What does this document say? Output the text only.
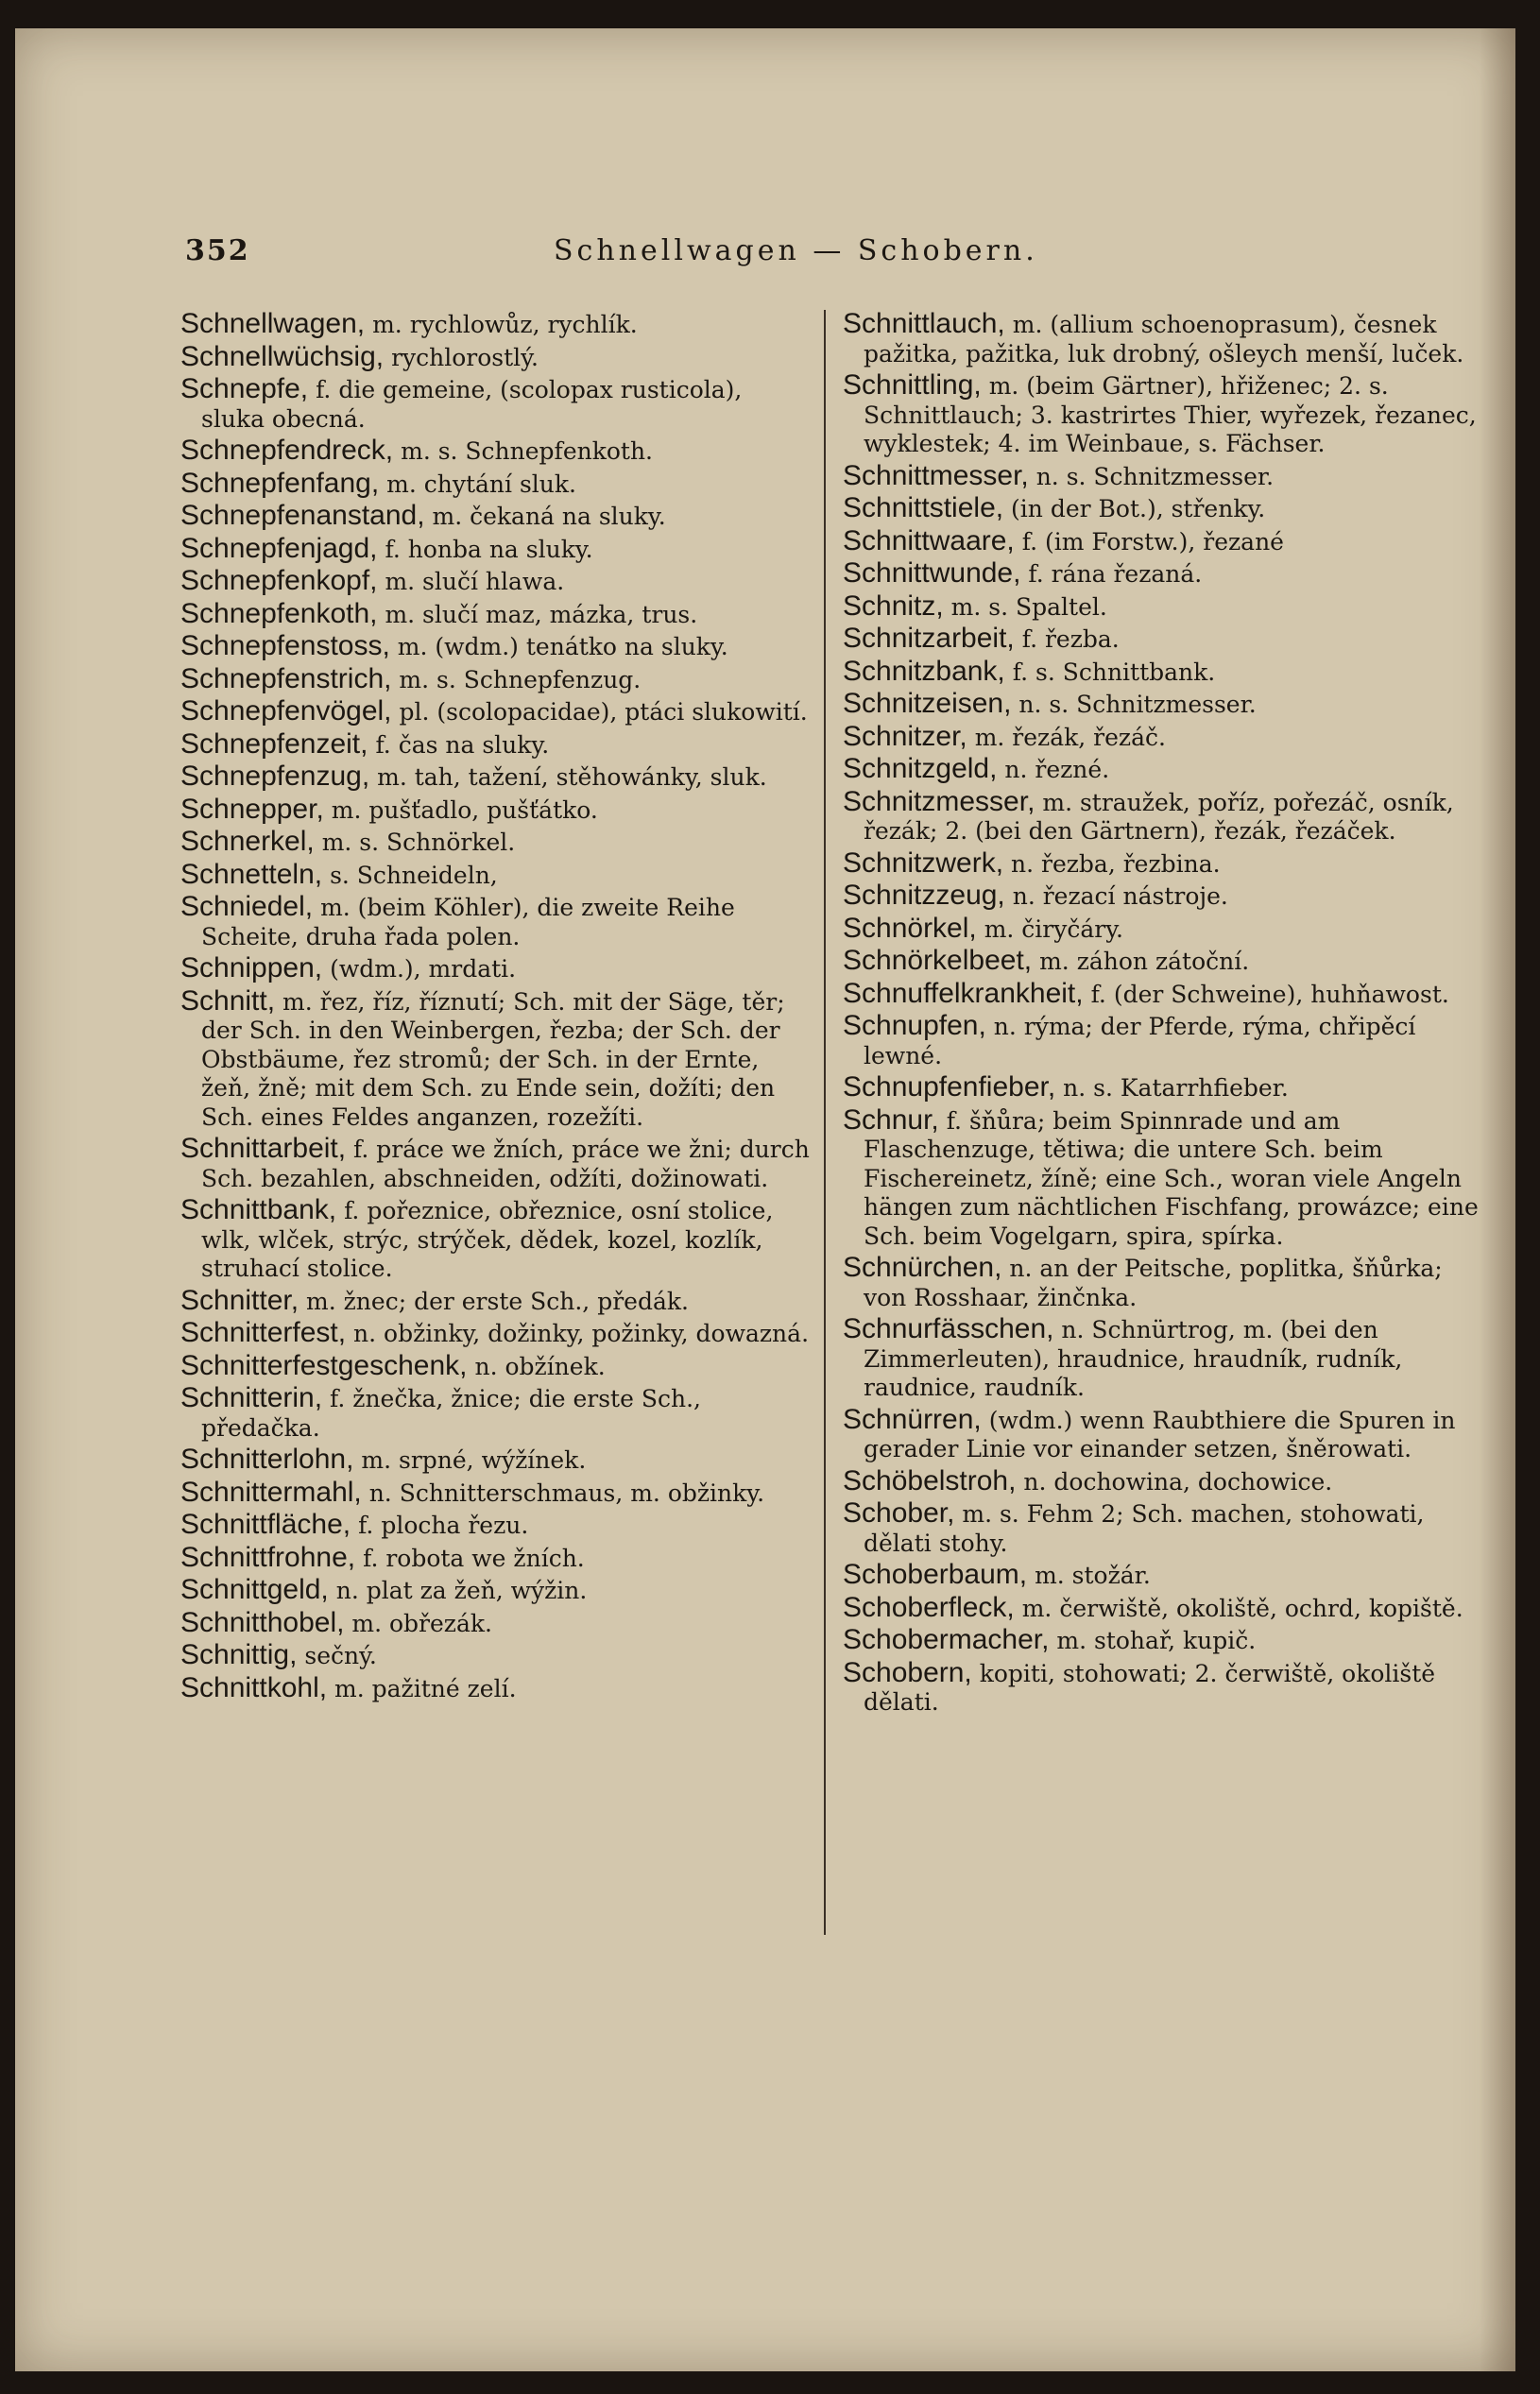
352	Schnellwagen — Schobern.
Schnellwagen, m. rychlowůz, rychlík.
Schnellwüchsig, rychlorostlý.
Schnepfe, f. die gemeine, (scolopax rusticola), sluka obecná.
Schnepfendreck, m. s. Schnepfenkoth.
Schnepfenfang, m. chytání sluk.
Schnepfenanstand, m. čekaná na sluky.
Schnepfenjagd, f. honba na sluky.
Schnepfenkopf, m. slučí hlawa.
Schnepfenkoth, m. slučí maz, mázka, trus.
Schnepfenstoss, m. (wdm.) tenátko na sluky.
Schnepfenstrich, m. s. Schnepfenzug.
Schnepfenvögel, pl. (scolopacidae), ptáci slukowití.
Schnepfenzeit, f. čas na sluky.
Schnepfenzug, m. tah, tažení, stěhowánky, sluk.
Schnepper, m. pušťadlo, pušťátko.
Schnerkel, m. s. Schnörkel.
Schnetteln, s. Schneideln,
Schniedel, m. (beim Köhler), die zweite Reihe Scheite, druha řada polen.
Schnippen, (wdm.), mrdati.
Schnitt, m. řez, říz, říznutí; Sch. mit der Säge, těr; der Sch. in den Weinbergen, řezba; der Sch. der Obstbäume, řez stromů; der Sch. in der Ernte, žeň, žně; mit dem Sch. zu Ende sein, dožíti; den Sch. eines Feldes anganzen, rozežíti.
Schnittarbeit, f. práce we žních, práce we žni; durch Sch. bezahlen, abschneiden, odžíti, dožinowati.
Schnittbank, f. pořeznice, obřeznice, osní stolice, wlk, wlček, strýc, strýček, dědek, kozel, kozlík, struhací stolice.
Schnitter, m. žnec; der erste Sch., předák.
Schnitterfest, n. obžinky, dožinky, požinky, dowazná.
Schnitterfestgeschenk, n. obžínek.
Schnitterin, f. žnečka, žnice; die erste Sch., předačka.
Schnitterlohn, m. srpné, wýžínek.
Schnittermahl, n. Schnitterschmaus, m. obžinky.
Schnittfläche, f. plocha řezu.
Schnittfrohne, f. robota we žních.
Schnittgeld, n. plat za žeň, wýžin.
Schnitthobel, m. obřezák.
Schnittig, sečný.
Schnittkohl, m. pažitné zelí.
Schnittlauch, m. (allium schoenoprasum), česnek pažitka, pažitka, luk drobný, ošleych menší, luček.
Schnittling, m. (beim Gärtner), hřiženec; 2. s. Schnittlauch; 3. kastrirtes Thier, wyřezek, řezanec, wyklestek; 4. im Weinbaue, s. Fächser.
Schnittmesser, n. s. Schnitzmesser.
Schnittstiele, (in der Bot.), střenky.
Schnittwaare, f. (im Forstw.), řezané
Schnittwunde, f. rána řezaná.
Schnitz, m. s. Spaltel.
Schnitzarbeit, f. řezba.
Schnitzbank, f. s. Schnittbank.
Schnitzeisen, n. s. Schnitzmesser.
Schnitzer, m. řezák, řezáč.
Schnitzgeld, n. řezné.
Schnitzmesser, m. straužek, poříz, pořezáč, osník, řezák; 2. (bei den Gärtnern), řezák, řezáček.
Schnitzwerk, n. řezba, řezbina.
Schnitzzeug, n. řezací nástroje.
Schnörkel, m. čiryčáry.
Schnörkelbeet, m. záhon zátoční.
Schnuffelkrankheit, f. (der Schweine), huhňawost.
Schnupfen, n. rýma; der Pferde, rýma, chřipěcí lewné.
Schnupfenfieber, n. s. Katarrhfieber.
Schnur, f. šňůra; beim Spinnrade und am Flaschenzuge, tětiwa; die untere Sch. beim Fischereinetz, žíně; eine Sch., woran viele Angeln hängen zum nächtlichen Fischfang, prowázce; eine Sch. beim Vogelgarn, spira, spírka.
Schnürchen, n. an der Peitsche, poplitka, šňůrka; von Rosshaar, žinčnka.
Schnurfässchen, n. Schnürtrog, m. (bei den Zimmerleuten), hraudnice, hraudník, rudník, raudnice, raudník.
Schnürren, (wdm.) wenn Raubthiere die Spuren in gerader Linie vor einander setzen, šněrowati.
Schöbelstroh, n. dochowina, dochowice.
Schober, m. s. Fehm 2; Sch. machen, stohowati, dělati stohy.
Schoberbaum, m. stožár.
Schoberfleck, m. čerwiště, okoliště, ochrd, kopiště.
Schobermacher, m. stohař, kupič.
Schobern, kopiti, stohowati; 2. čerwiště, okoliště dělati.
